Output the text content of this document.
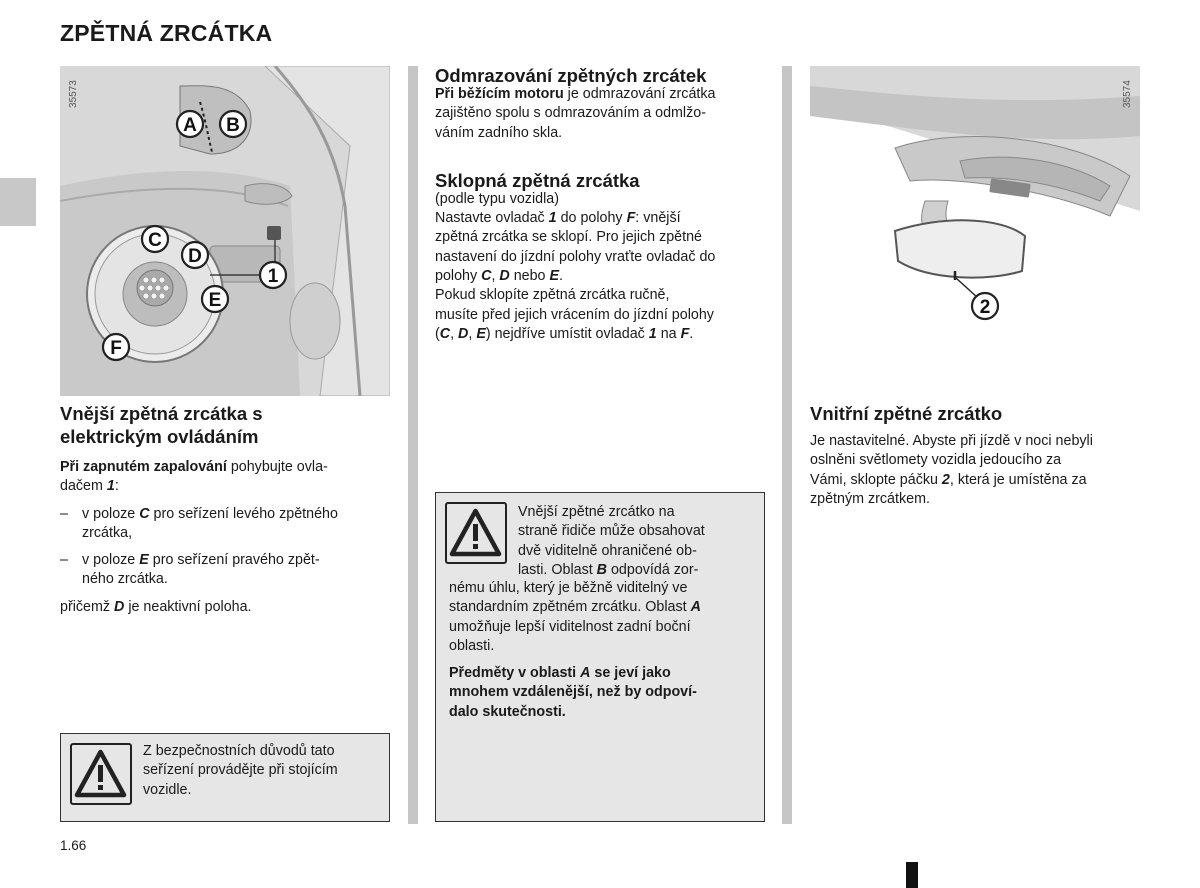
ZPĚTNÁ ZRCÁTKA
35573
A B
C
D
1
E
F
Vnější zpětná zrcátka s
elektrickým ovládáním

Při zapnutém zapalování pohybujte ovla-
dačem 1:

– v poloze C pro seřízení levého zpětného
zrcátka,
– v poloze E pro seřízení pravého zpět-
ného zrcátka.

přičemž D je neaktivní poloha.

Z bezpečnostních důvodů tato
seřízení provádějte při stojícím
vozidle.

Odmrazování zpětných zrcátek

Při běžícím motoru je odmrazování zrcátka
zajištěno spolu s odmrazováním a odmlžo-
váním zadního skla.

Sklopná zpětná zrcátka

(podle typu vozidla)

Nastavte ovladač 1 do polohy F: vnější
zpětná zrcátka se sklopí. Pro jejich zpětné
nastavení do jízdní polohy vraťte ovladač do
polohy C, D nebo E.

Pokud sklopíte zpětná zrcátka ručně,
musíte před jejich vrácením do jízdní polohy
(C, D, E) nejdříve umístit ovladač 1 na F.

Vnější zpětné zrcátko na
straně řidiče může obsahovat
dvě viditelně ohraničené ob-
lasti. Oblast B odpovídá zor-

nému úhlu, který je běžně viditelný ve
standardním zpětném zrcátku. Oblast A
umožňuje lepší viditelnost zadní boční
oblasti.

Předměty v oblasti A se jeví jako
mnohem vzdálenější, než by odpoví-
dalo skutečnosti.

2
35574
Vnitřní zpětné zrcátko

Je nastavitelné. Abyste při jízdě v noci nebyli
oslněni světlomety vozidla jedoucího za
Vámi, sklopte páčku 2, která je umístěna za
zpětným zrcátkem.

1.66
